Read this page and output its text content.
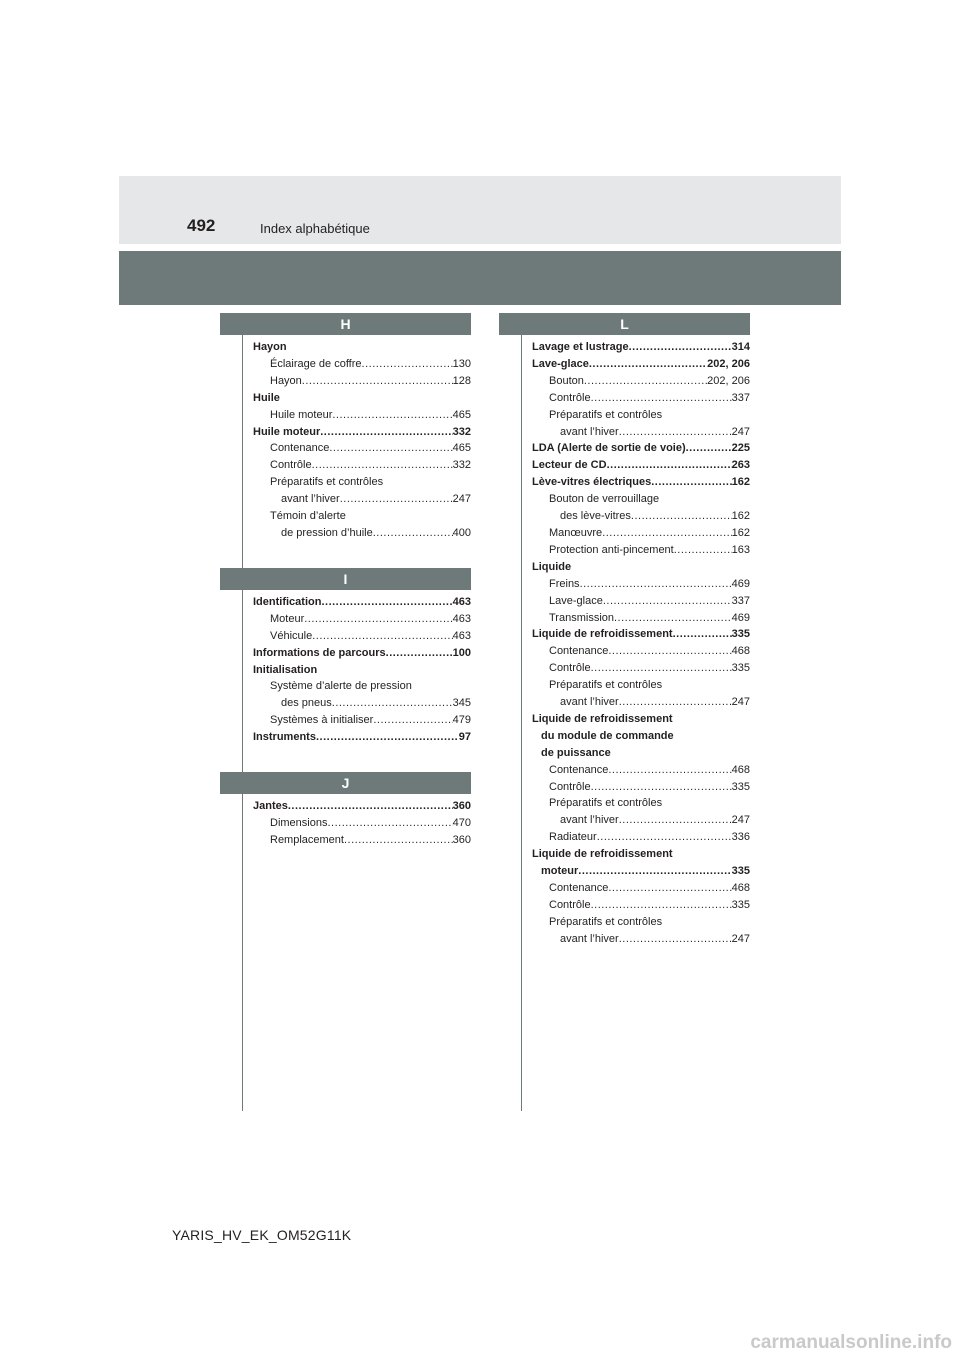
492	Index alphabétique
H
Hayon
Éclairage de coffre .....	130
Hayon .....	128
Huile
Huile moteur .....	465
Huile moteur .....	332
Contenance .....	465
Contrôle .....	332
Préparatifs et contrôles
avant l’hiver .....	247
Témoin d’alerte
de pression d’huile .....	400
I
Identification .....	463
Moteur .....	463
Véhicule .....	463
Informations de parcours .....	100
Initialisation
Système d’alerte de pression
des pneus .....	345
Systèmes à initialiser .....	479
Instruments .....	97
J
Jantes .....	360
Dimensions .....	470
Remplacement .....	360
L
Lavage et lustrage .....	314
Lave-glace .....	202, 206
Bouton .....	202, 206
Contrôle .....	337
Préparatifs et contrôles
avant l’hiver .....	247
LDA (Alerte de sortie de voie) .....	225
Lecteur de CD .....	263
Lève-vitres électriques .....	162
Bouton de verrouillage
des lève-vitres .....	162
Manœuvre .....	162
Protection anti-pincement .....	163
Liquide
Freins .....	469
Lave-glace .....	337
Transmission .....	469
Liquide de refroidissement .....	335
Contenance .....	468
Contrôle .....	335
Préparatifs et contrôles
avant l’hiver .....	247
Liquide de refroidissement
du module de commande
de puissance
Contenance .....	468
Contrôle .....	335
Préparatifs et contrôles
avant l’hiver .....	247
Radiateur .....	336
Liquide de refroidissement
moteur .....	335
Contenance .....	468
Contrôle .....	335
Préparatifs et contrôles
avant l’hiver .....	247
YARIS_HV_EK_OM52G11K
carmanualsonline.info
